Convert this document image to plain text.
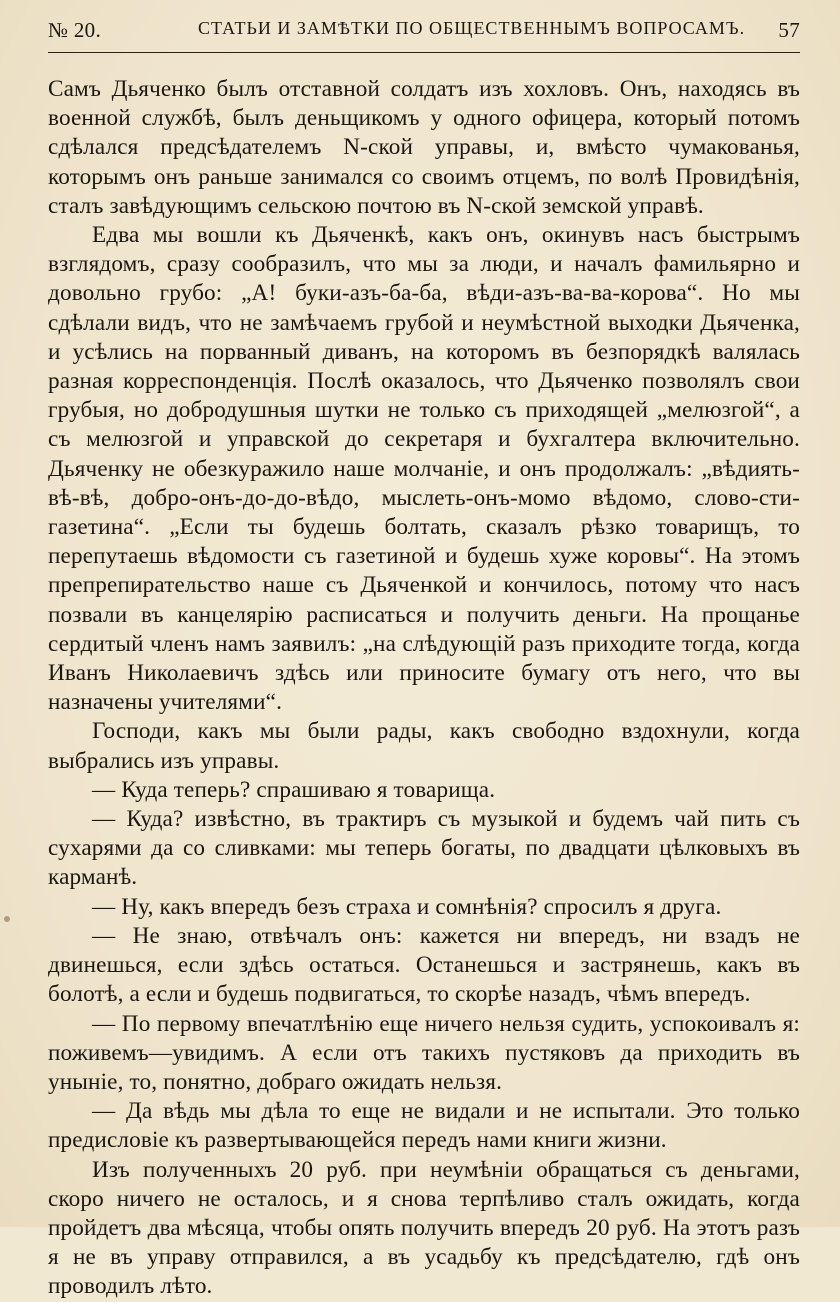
№ 20.	СТАТЬИ И ЗАМѢТКИ ПО ОБЩЕСТВЕННЫМЪ ВОПРОСАМЪ. 57

Самъ Дьяченко былъ отставной солдатъ изъ хохловъ. Онъ, находясь въ военной службѣ, былъ деньщикомъ у одного офицера, который потомъ сдѣлался предсѣдателемъ N-ской управы, и, вмѣсто чумакованья, которымъ онъ раньше занимался со своимъ отцемъ, по волѣ Провидѣнія, сталъ завѣдующимъ сельскою почтою въ N-ской земской управѣ.

Едва мы вошли къ Дьяченкѣ, какъ онъ, окинувъ насъ быстрымъ взглядомъ, сразу сообразилъ, что мы за люди, и началъ фамильярно и довольно грубо: „А! буки-азъ-ба-ба, вѣди-азъ-ва-ва-корова“. Но мы сдѣлали видъ, что не замѣчаемъ грубой и неумѣстной выходки Дьяченка, и усѣлись на порванный диванъ, на которомъ въ безпорядкѣ валялась разная корреспонденція. Послѣ оказалось, что Дьяченко позволялъ свои грубыя, но добродушныя шутки не только съ приходящей „мелюзгой“, а съ мелюзгой и управской до секретаря и бухгалтера включительно. Дьяченку не обезкуражило наше молчаніе, и онъ продолжалъ: „вѣдиять-вѣ-вѣ, добро-онъ-до-до-вѣдо, мыслеть-онъ-момо вѣдомо, слово-сти-газетина“. „Если ты будешь болтать, сказалъ рѣзко товарищъ, то перепутаешь вѣдомости съ газетиной и будешь хуже коровы“. На этомъ препрепирательство наше съ Дьяченкой и кончилось, потому что насъ позвали въ канцелярію расписаться и получить деньги. На прощанье сердитый членъ намъ заявилъ: „на слѣдующій разъ приходите тогда, когда Иванъ Николаевичъ здѣсь или приносите бумагу отъ него, что вы назначены учителями“.

Господи, какъ мы были рады, какъ свободно вздохнули, когда выбрались изъ управы.

— Куда теперь? спрашиваю я товарища.

— Куда? извѣстно, въ трактиръ съ музыкой и будемъ чай пить съ сухарями да со сливками: мы теперь богаты, по двадцати цѣлковыхъ въ карманѣ.

— Ну, какъ впередъ безъ страха и сомнѣнія? спросилъ я друга.

— Не знаю, отвѣчалъ онъ: кажется ни впередъ, ни взадъ не двинешься, если здѣсь остаться. Останешься и застрянешь, какъ въ болотѣ, а если и будешь подвигаться, то скорѣе назадъ, чѣмъ впередъ.

— По первому впечатлѣнію еще ничего нельзя судить, успокоивалъ я: поживемъ—увидимъ. А если отъ такихъ пустяковъ да приходить въ уныніе, то, понятно, добраго ожидать нельзя.

— Да вѣдь мы дѣла то еще не видали и не испытали. Это только предисловіе къ развертывающейся передъ нами книги жизни.

Изъ полученныхъ 20 руб. при неумѣніи обращаться съ деньгами, скоро ничего не осталось, и я снова терпѣливо сталъ ожидать, когда пройдетъ два мѣсяца, чтобы опять получить впередъ 20 руб. На этотъ разъ я не въ управу отправился, а въ усадьбу къ предсѣдателю, гдѣ онъ проводилъ лѣто.
